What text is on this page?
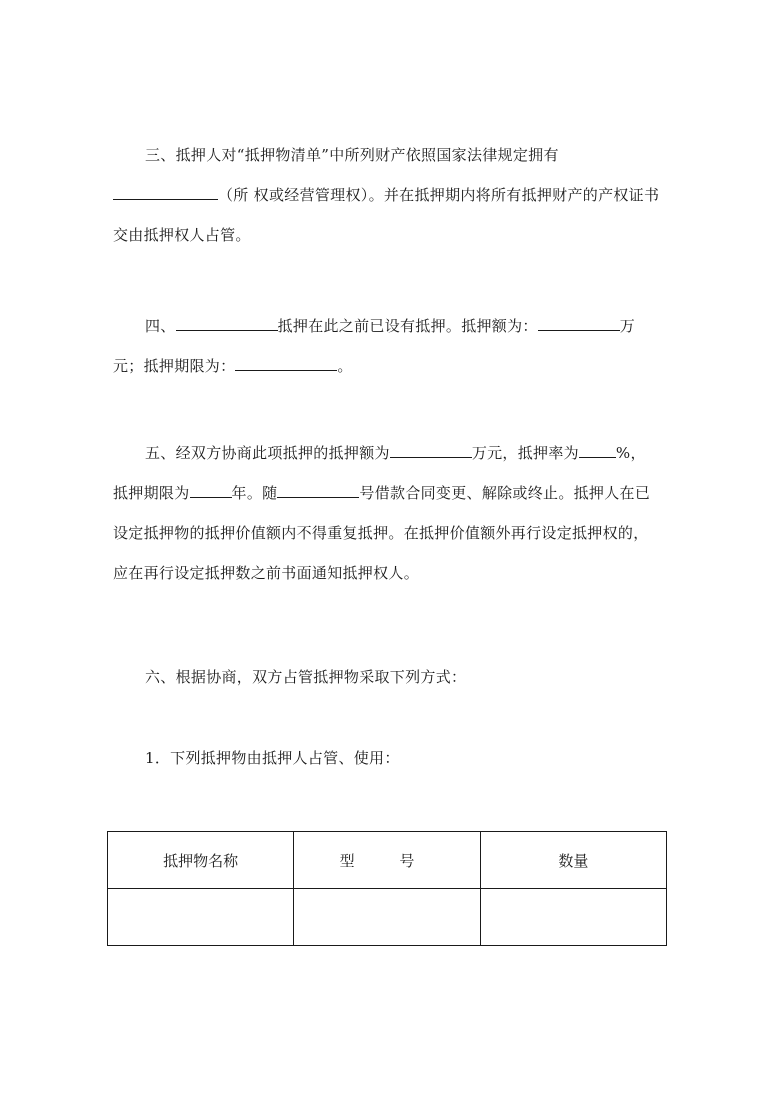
三、抵押人对“抵押物清单”中所列财产依照国家法律规定拥有（所 权或经营管理权）。并在抵押期内将所有抵押财产的产权证书交由抵押权人占管。

四、	抵押在此之前已设有抵押。抵押额为：	万元；抵押期限为：	。

五、经双方协商此项抵押的抵押额为	万元，抵押率为 %，抵押期限为	年。随	号借款合同变更、解除或终止。抵押人在已设定抵押物的抵押价值额内不得重复抵押。在抵押价值额外再行设定抵押权的，应在再行设定抵押数之前书面通知抵押权人。

六、根据协商，双方占管抵押物采取下列方式：

1．下列抵押物由抵押人占管、使用：

抵押物名称	型 号	数量
